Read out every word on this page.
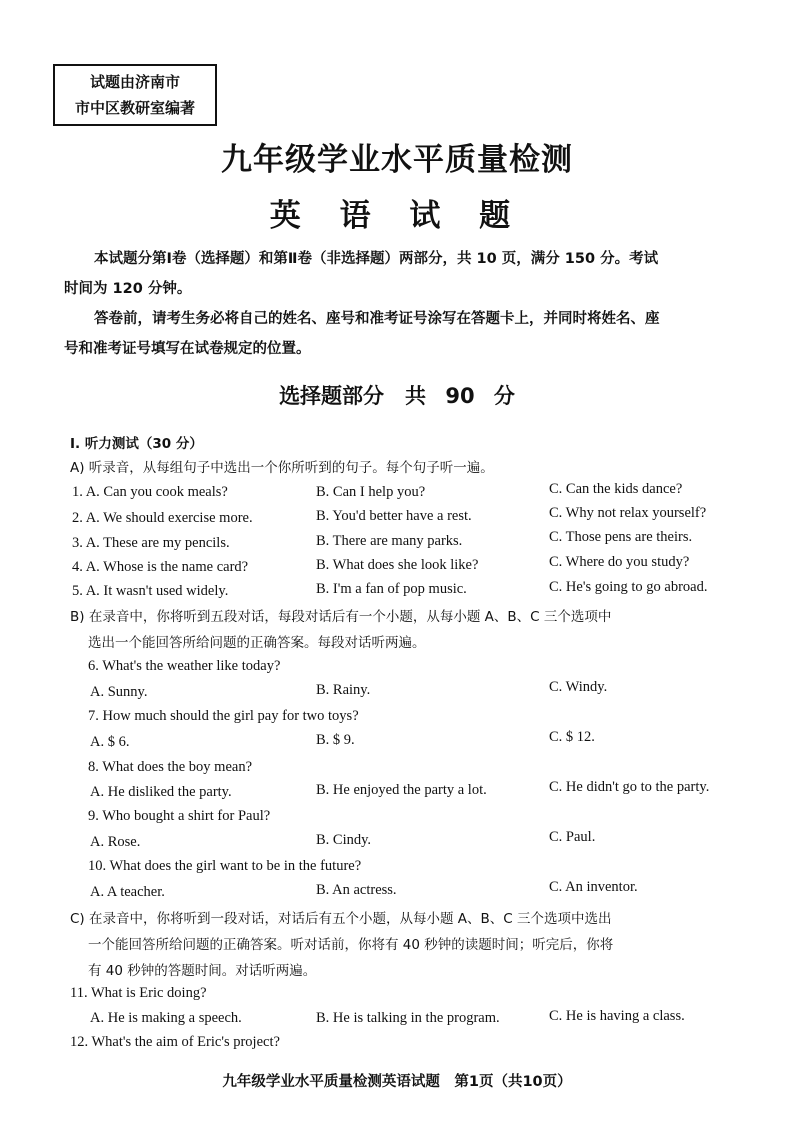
试题由济南市
市中区教研室编著
九年级学业水平质量检测
英 语 试 题
本试题分第Ⅰ卷（选择题）和第Ⅱ卷（非选择题）两部分，共 10 页，满分 150 分。考试
时间为 120 分钟。
答卷前，请考生务必将自己的姓名、座号和准考证号涂写在答题卡上，并同时将姓名、座
号和准考证号填写在试卷规定的位置。
选择题部分　共 90 分
Ⅰ. 听力测试（30 分）
A) 听录音，从每组句子中选出一个你所听到的句子。每个句子听一遍。
1. A. Can you cook meals?	B. Can I help you?	C. Can the kids dance?
2. A. We should exercise more.	B. You'd better have a rest.	C. Why not relax yourself?
3. A. These are my pencils.	B. There are many parks.	C. Those pens are theirs.
4. A. Whose is the name card?	B. What does she look like?	C. Where do you study?
5. A. It wasn't used widely.	B. I'm a fan of pop music.	C. He's going to go abroad.
B) 在录音中，你将听到五段对话，每段对话后有一个小题，从每小题 A、B、C 三个选项中
选出一个能回答所给问题的正确答案。每段对话听两遍。
6. What's the weather like today?
A. Sunny.	B. Rainy.	C. Windy.
7. How much should the girl pay for two toys?
A. $ 6.	B. $ 9.	C. $ 12.
8. What does the boy mean?
A. He disliked the party.	B. He enjoyed the party a lot.	C. He didn't go to the party.
9. Who bought a shirt for Paul?
A. Rose.	B. Cindy.	C. Paul.
10. What does the girl want to be in the future?
A. A teacher.	B. An actress.	C. An inventor.
C) 在录音中，你将听到一段对话，对话后有五个小题，从每小题 A、B、C 三个选项中选出
一个能回答所给问题的正确答案。听对话前，你将有 40 秒钟的读题时间；听完后，你将
有 40 秒钟的答题时间。对话听两遍。
11. What is Eric doing?
A. He is making a speech.	B. He is talking in the program.	C. He is having a class.
12. What's the aim of Eric's project?
九年级学业水平质量检测英语试题　第1页（共10页）
